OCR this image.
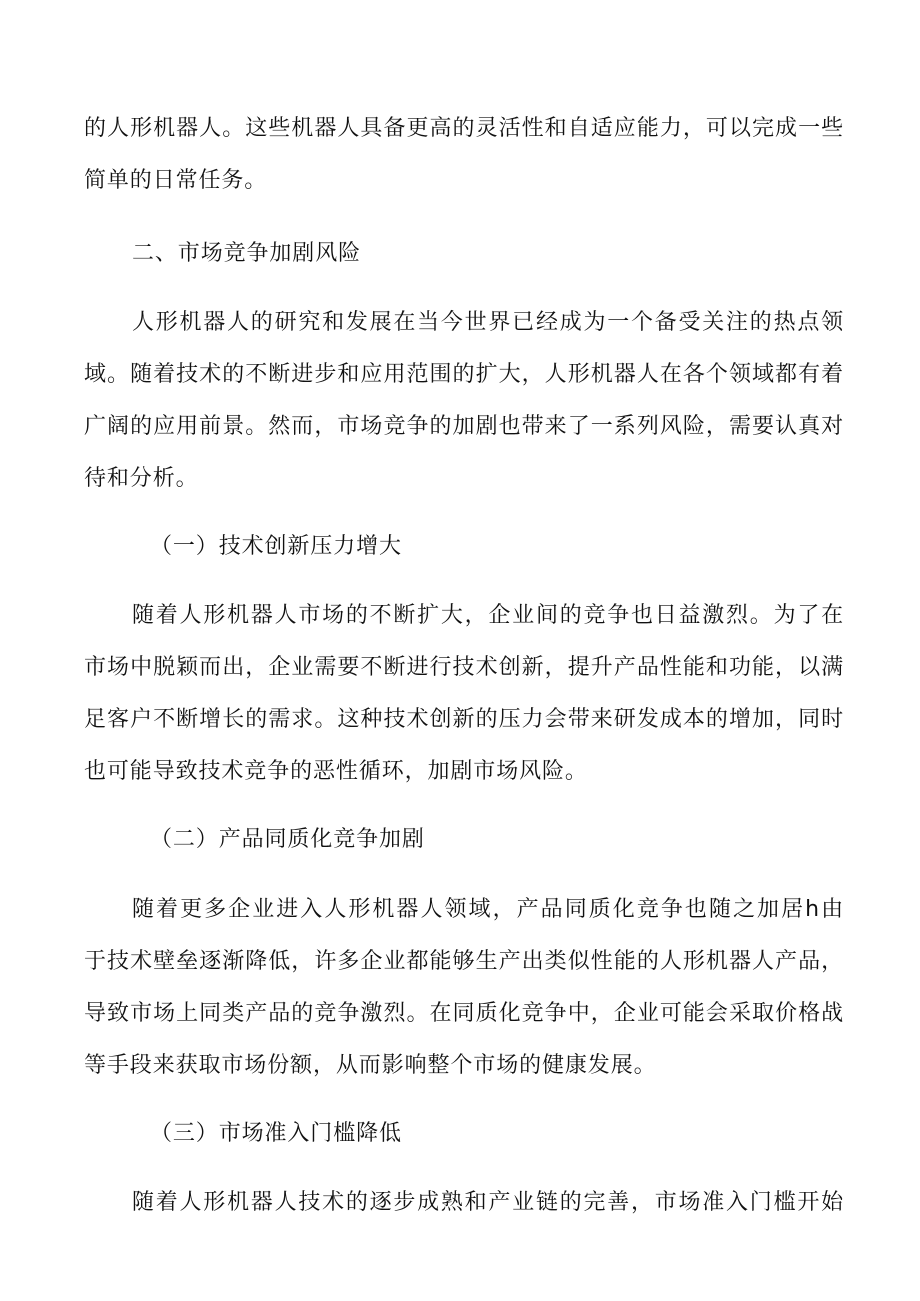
的人形机器人。这些机器人具备更高的灵活性和自适应能力，可以完成一些
简单的日常任务。
二、市场竞争加剧风险
人形机器人的研究和发展在当今世界已经成为一个备受关注的热点领
域。随着技术的不断进步和应用范围的扩大，人形机器人在各个领域都有着
广阔的应用前景。然而，市场竞争的加剧也带来了一系列风险，需要认真对
待和分析。
（一）技术创新压力增大
随着人形机器人市场的不断扩大，企业间的竞争也日益激烈。为了在
市场中脱颖而出，企业需要不断进行技术创新，提升产品性能和功能，以满
足客户不断增长的需求。这种技术创新的压力会带来研发成本的增加，同时
也可能导致技术竞争的恶性循环，加剧市场风险。
（二）产品同质化竞争加剧
随着更多企业进入人形机器人领域，产品同质化竞争也随之加居h由
于技术壁垒逐渐降低，许多企业都能够生产出类似性能的人形机器人产品，
导致市场上同类产品的竞争激烈。在同质化竞争中，企业可能会采取价格战
等手段来获取市场份额，从而影响整个市场的健康发展。
（三）市场准入门槛降低
随着人形机器人技术的逐步成熟和产业链的完善，市场准入门槛开始
